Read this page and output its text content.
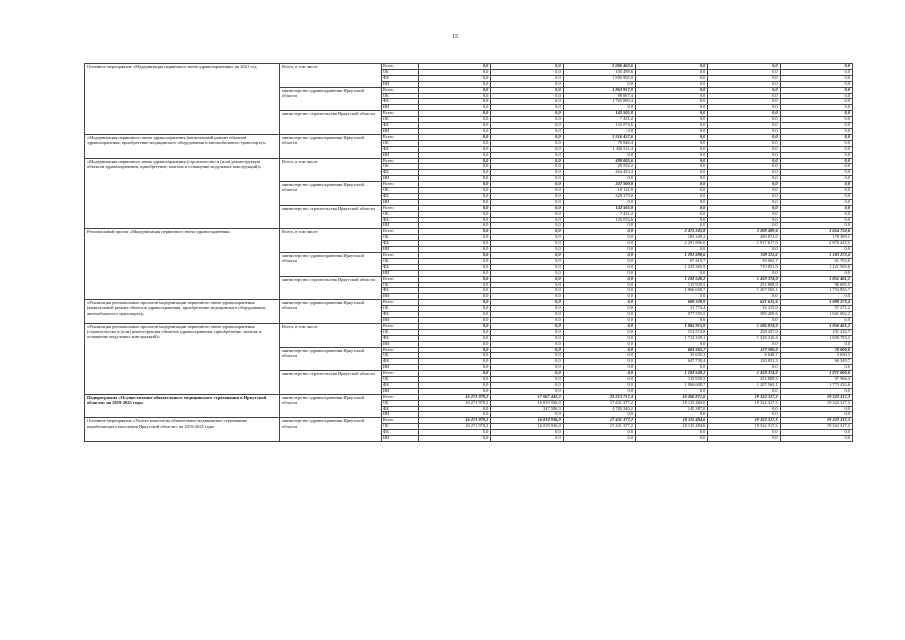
15
Основное мероприятие «Модернизация первичного звена здравоохранения» на 2021 год	Всего, в том числе	Всего	0,0	0,0	2 006 463,6	0,0	0,0	0,0
		ОБ	0,0	0,0	105 498,6	0,0	0,0	0,0
		ФБ	0,0	0,0	1 900 965,0	0,0	0,0	0,0
		ИИ	0,0	0,0	0,0	0,0	0,0	0,0
	министерство здравоохранения Иркутской области	Всего	0,0	0,0	1 863 957,8	0,0	0,0	0,0
		ОБ	0,0	0,0	98 067,4	0,0	0,0	0,0
		ФБ	0,0	0,0	1 765 890,4	0,0	0,0	0,0
		ИИ	0,0	0,0	0,0	0,0	0,0	0,0
	министерство строительства Иркутской области	Всего	0,0	0,0	142 505,8	0,0	0,0	0,0
		ОБ	0,0	0,0	7 431,2	0,0	0,0	0,0
		ФБ	0,0	0,0	135 074,6	0,0	0,0	0,0
		ИИ	0,0	0,0	0,0	0,0	0,0	0,0
«Модернизация первичного звена здравоохранения (капитальный ремонт объектов здравоохранения, приобретение медицинского оборудования и автомобильного транспорта)»	министерство здравоохранения Иркутской области	Всего	0,0	0,0	1 516 457,6	0,0	0,0	0,0
		ОБ	0,0	0,0	79 946,4	0,0	0,0	0,0
		ФБ	0,0	0,0	1 436 511,4	0,0	0,0	0,0
		ИИ	0,0	0,0	0,0	0,0	0,0	0,0
«Модернизация первичного звена здравоохранения (строительство и (или) реконструкция объектов здравоохранения, приобретение, монтаж и оснащение модульных конструкций)»	Всего, в том числе	Всего	0,0	0,0	490 005,6	0,0	0,0	0,0
		ОБ	0,0	0,0	25 552,2	0,0	0,0	0,0
		ФБ	0,0	0,0	464 453,4	0,0	0,0	0,0
		ИИ	0,0	0,0	0,0	0,0	0,0	0,0
	министерство здравоохранения Иркутской области	Всего	0,0	0,0	347 500,0	0,0	0,0	0,0
		ОБ	0,0	0,0	18 121,0	0,0	0,0	0,0
		ФБ	0,0	0,0	329 379,0	0,0	0,0	0,0
		ИИ	0,0	0,0	0,0	0,0	0,0	0,0
	министерство строительства Иркутской области	Всего	0,0	0,0	142 505,8	0,0	0,0	0,0
		ОБ	0,0	0,0	7 431,2	0,0	0,0	0,0
		ФБ	0,0	0,0	135 074,6	0,0	0,0	0,0
		ИИ	0,0	0,0	0,0	0,0	0,0	0,0
Региональный проект «Модернизация первичного звена здравоохранения»	Всего, в том числе	Всего	0,0	0,0	0,0	2 475 245,8	2 208 489,6	3 054 754,6
		ОБ	0,0	0,0	0,0	183 349,2	290 872,0	178 309,1
		ФБ	0,0	0,0	0,0	2 291 896,6	1 917 617,0	2 876 425,5
		ИИ	0,0	0,0	0,0	0,0	0,0	0,0
	министерство здравоохранения Иркутской области	Всего	0,0	0,0	0,0	1 292 698,6	749 115,6	1 183 273,4
		ОБ	0,0	0,0	0,0	67 419,7	39 063,7	61 703,6
		ФБ	0,0	0,0	0,0	1 225 385,9	710 051,9	1 121 569,8
		ИИ	0,0	0,0	0,0	0,0	0,0	0,0
	министерство строительства Иркутской области	Всего	0,0	0,0	0,0	1 182 548,2	1 459 374,0	1 851 461,2
		ОБ	0,0	0,0	0,0	115 939,5	251 808,9	96 605,5
		ФБ	0,0	0,0	0,0	1 066 608,7	1 207 565,1	1 754 855,7
		ИИ	0,0	0,0	0,0	0,0	0,0	0,0
«Реализация региональных проектов модернизации первичного звена здравоохранения (капитальный ремонт объектов здравоохранения, приобретение медицинского оборудования, автомобильного транспорта)»	министерство здравоохранения Иркутской области	Всего	0,0	0,0	0,0	609 329,9	621 615,6	1 098 273,4
		ОБ	0,0	0,0	0,0	31 774,4	32 415,0	57 271,2
		ФБ	0,0	0,0	0,0	577 555,5	589 200,6	1 041 002,2
		ИИ	0,0	0,0	0,0	0,0	0,0	0,0
«Реализация региональных проектов модернизации первичного звена здравоохранения (строительство и (или) реконструкция объектов здравоохранения, приобретение, монтаж и оснащение модульных конструкций)»	Всего, в том числе	Всего	0,0	0,0	0,0	1 865 915,9	1 586 874,0	1 956 461,2
		ОБ	0,0	0,0	0,0	151 574,8	258 457,0	101 216,7
		ФБ	0,0	0,0	0,0	1 714 339,1	1 328 416,4	1 839 783,3
		ИИ	0,0	0,0	0,0	0,0	0,0	0,0
	министерство здравоохранения Иркутской области	Всего	0,0	0,0	0,0	683 365,7	127 500,0	70 000,0
		ОБ	0,0	0,0	0,0	35 635,3	6 648,7	3 650,3
		ФБ	0,0	0,0	0,0	647 730,4	120 851,3	66 349,7
		ИИ	0,0	0,0	0,0	0,0	0,0	0,0
	министерство строительства Иркутской области	Всего	0,0	0,0	0,0	1 182 548,2	1 459 374,0	1 871 000,0
		ОБ	0,0	0,0	0,0	115 939,5	251 808,9	97 566,4
		ФБ	0,0	0,0	0,0	1 066 608,7	1 207 565,1	1 773 433,6
		ИИ	0,0	0,0	0,0	0,0	0,0	0,0
Подпрограмма «Осуществление обязательного медицинского страхования в Иркутской области» на 2019-2025 годы	министерство здравоохранения Иркутской области	Всего	16 271 979,2	17 067 442,3	22 213 717,4	18 260 871,6	19 322 317,3	19 322 317,3
		ОБ	16 271 979,2	16 819 936,0	17 431 377,2	18 115 484,6	19 322 317,3	19 322 317,3
		ФБ	0,0	247 506,3	4 782 340,2	145 387,0	0,0	0,0
		ИИ	0,0	0,0	0,0	0,0	0,0	0,0
Основное мероприятие «Уплата взносов на обязательное медицинское страхование неработающего населения Иркутской области» на 2019-2025 годы	министерство здравоохранения Иркутской области	Всего	16 271 979,2	16 819 936,0	17 431 377,2	18 115 484,6	19 322 317,3	19 322 317,3
		ОБ	16 271 979,2	16 819 936,0	17 431 377,2	18 115 484,6	19 322 317,3	19 322 317,3
		ФБ	0,0	0,0	0,0	0,0	0,0	0,0
		ИИ	0,0	0,0	0,0	0,0	0,0	0,0
